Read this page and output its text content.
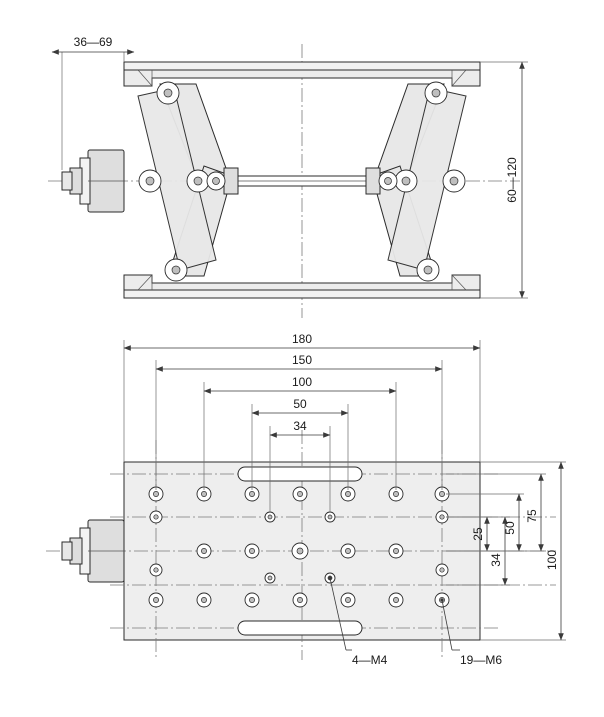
36—69
60—120
180
150
100
50
34
25
34
50
75
100
4—M4	19—M6
